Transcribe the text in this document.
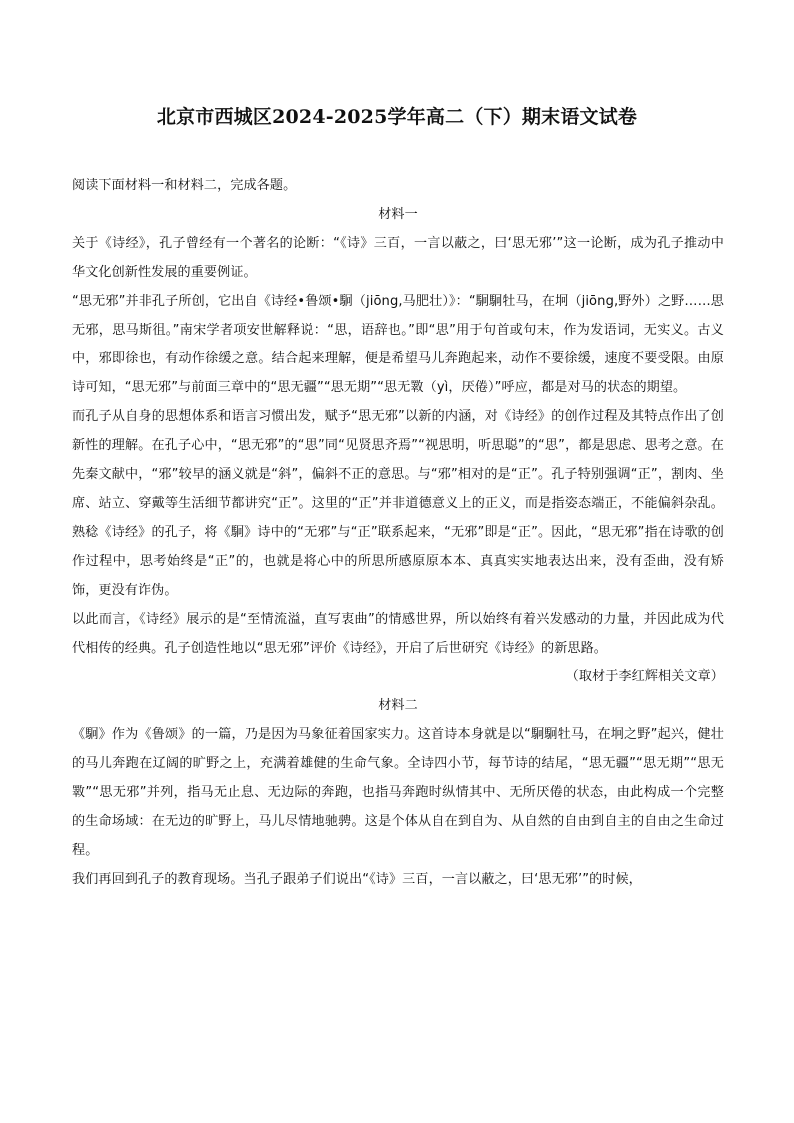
北京市西城区2024-2025学年高二（下）期末语文试卷

阅读下面材料一和材料二，完成各题。

材料一

关于《诗经》，孔子曾经有一个著名的论断：“《诗》三百，一言以蔽之，曰‘思无邪’”这一论断，成为孔子推动中华文化创新性发展的重要例证。

“思无邪”并非孔子所创，它出自《诗经•鲁颂•駉（jiōng,马肥壮）》：“駉駉牡马，在坰（jiōng,野外）之野……思无邪，思马斯徂。”南宋学者项安世解释说：“思，语辞也。”即“思”用于句首或句末，作为发语词，无实义。古义中，邪即徐也，有动作徐缓之意。结合起来理解，便是希望马儿奔跑起来，动作不要徐缓，速度不要受限。由原诗可知，“思无邪”与前面三章中的“思无疆”“思无期”“思无斁（yì，厌倦）”呼应，都是对马的状态的期望。

而孔子从自身的思想体系和语言习惯出发，赋予“思无邪”以新的内涵，对《诗经》的创作过程及其特点作出了创新性的理解。在孔子心中，“思无邪”的“思”同“见贤思齐焉”“视思明，听思聪”的“思”，都是思虑、思考之意。在先秦文献中，“邪”较早的涵义就是“斜”，偏斜不正的意思。与“邪”相对的是“正”。孔子特别强调“正”，割肉、坐席、站立、穿戴等生活细节都讲究“正”。这里的“正”并非道德意义上的正义，而是指姿态端正，不能偏斜杂乱。熟稔《诗经》的孔子，将《駉》诗中的“无邪”与“正”联系起来，“无邪”即是“正”。因此，“思无邪”指在诗歌的创作过程中，思考始终是“正”的，也就是将心中的所思所感原原本本、真真实实地表达出来，没有歪曲，没有矫饰，更没有诈伪。

以此而言，《诗经》展示的是“至情流溢，直写衷曲”的情感世界，所以始终有着兴发感动的力量，并因此成为代代相传的经典。孔子创造性地以“思无邪”评价《诗经》，开启了后世研究《诗经》的新思路。

（取材于李红辉相关文章）

材料二

《駉》作为《鲁颂》的一篇，乃是因为马象征着国家实力。这首诗本身就是以“駉駉牡马，在坰之野”起兴，健壮的马儿奔跑在辽阔的旷野之上，充满着雄健的生命气象。全诗四小节，每节诗的结尾，“思无疆”“思无期”“思无斁”“思无邪”并列，指马无止息、无边际的奔跑，也指马奔跑时纵情其中、无所厌倦的状态，由此构成一个完整的生命场域：在无边的旷野上，马儿尽情地驰骋。这是个体从自在到自为、从自然的自由到自主的自由之生命过程。

我们再回到孔子的教育现场。当孔子跟弟子们说出“《诗》三百，一言以蔽之，曰‘思无邪’”的时候，
